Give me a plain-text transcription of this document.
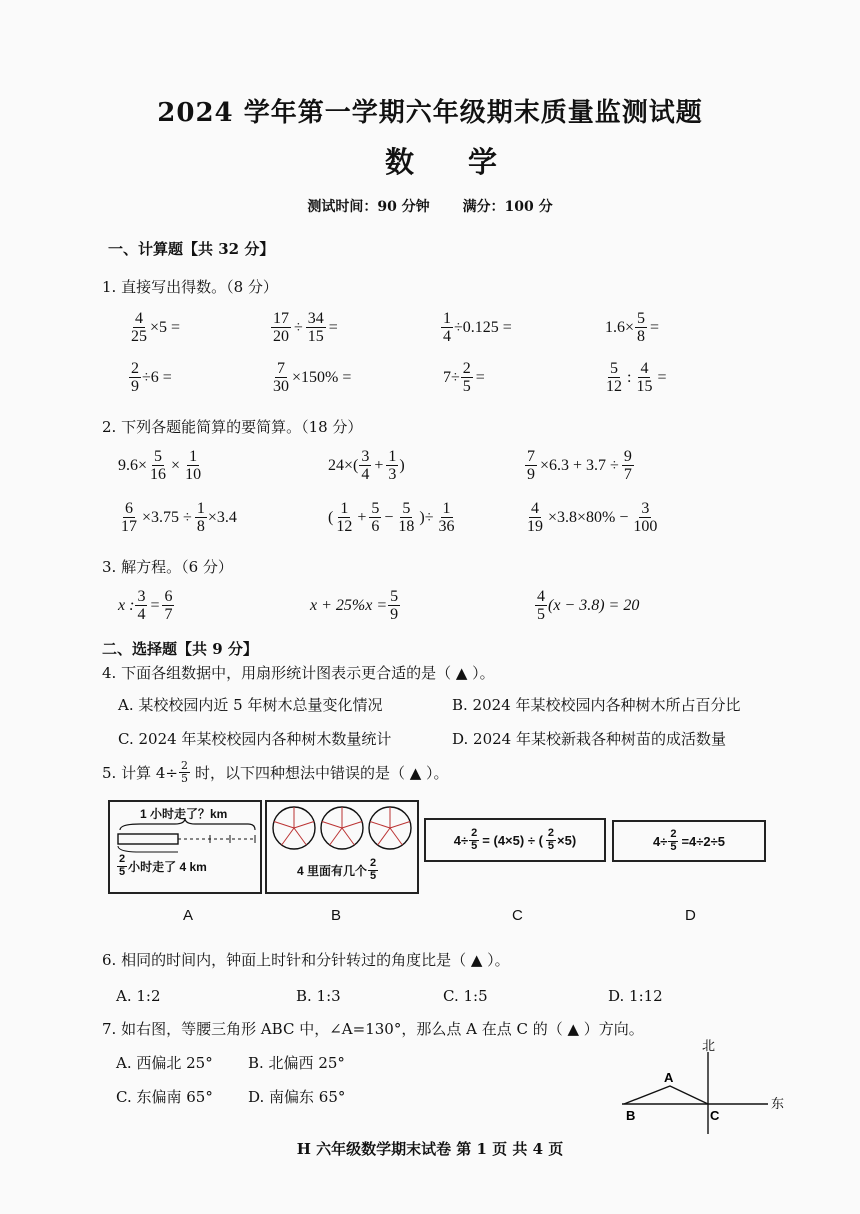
2024 学年第一学期六年级期末质量监测试题
数 学
测试时间：90 分钟 满分：100 分
一、计算题【共 32 分】
1. 直接写出得数。（8 分）
$\frac{4}{25} \times 5$ =	$\frac{17}{20} \div \frac{34}{15}$ =	$\frac{1}{4} \div 0.125$ =	$1.6\times \frac{5}{8}$ =
$\frac{2}{9} \div 6$ =	$\frac{7}{30} \times 150\%$ =	$7\div \frac{2}{5}$ =	$\frac{5}{12}$ : $\frac{4}{15}$ =
2. 下列各题能简算的要简算。（18 分）
$9.6\times \frac{5}{16} \times \frac{1}{10}$	$24\times( \frac{3}{4} + \frac{1}{3}$ )	$\frac{7}{9} \times 6.3 + 3.7 \div \frac{9}{7}$
$\frac{6}{17} \times 3.75 \div \frac{1}{8} \times 3.4$	( $\frac{1}{12} + \frac{5}{6} - \frac{5}{18}$ )÷ $\frac{1}{36}$	$\frac{4}{19} \times 3.8\times 80\% - \frac{3}{100}$
3. 解方程。（6 分）
x : $\frac{3}{4} = \frac{6}{7}$	$x + 25\%x = \frac{5}{9}$	$\frac{4}{5} (x - 3.8) = 20$
二、选择题【共 9 分】
4. 下面各组数据中，用扇形统计图表示更合适的是（ ▲ ）。
A. 某校校园内近 5 年树木总量变化情况	B. 2024 年某校校园内各种树木所占百分比
C. 2024 年某校校园内各种树木数量统计	D. 2024 年某校新栽各种树苗的成活数量
5. 计算 $4\div \frac{2}{5}$ 时，以下四种想法中错误的是（ ▲ ）。
1 小时走了？km
$\frac{2}{5}$ 小时走了 4 km	4 里面有几个 $\frac{2}{5}$
$4\div \frac{2}{5} = (4\times 5)$ ÷ ( $\frac{2}{5} \times 5$)	$4\div \frac{2}{5} =4\div 2\div 5$
A	B	C	D
6. 相同的时间内，钟面上时针和分针转过的角度比是（ ▲ ）。
A. 1:2	B. 1:3	C. 1:5	D. 1:12
7. 如右图，等腰三角形 ABC 中，∠A=130°，那么点 A 在点 C 的（ ▲ ）方向。
A. 西偏北 25° B. 北偏西 25°
C. 东偏南 65° D. 南偏东 65°
北
东
A
B	C
H 六年级数学期末试卷 第 1 页 共 4 页
